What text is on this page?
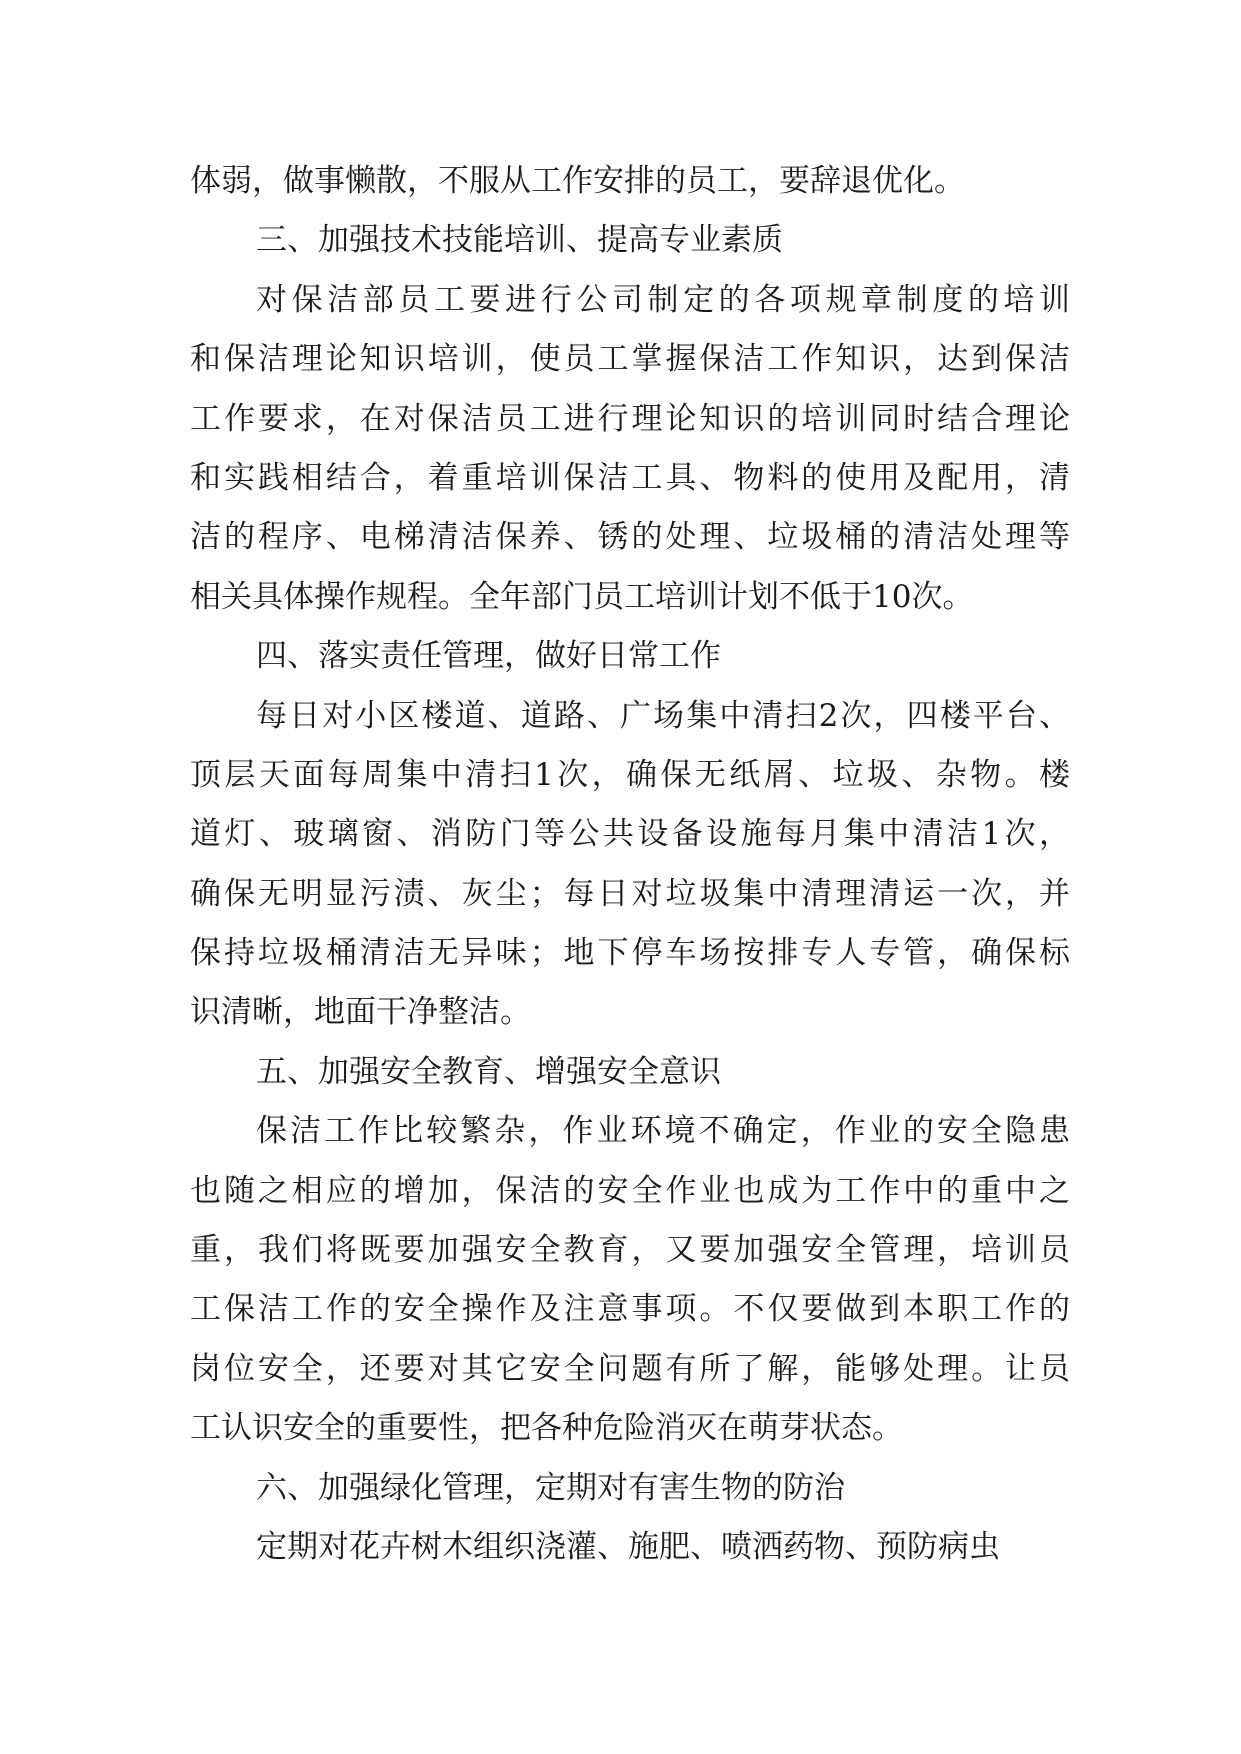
体弱，做事懒散，不服从工作安排的员工，要辞退优化。
三、加强技术技能培训、提高专业素质
对保洁部员工要进行公司制定的各项规章制度的培训
和保洁理论知识培训，使员工掌握保洁工作知识，达到保洁
工作要求，在对保洁员工进行理论知识的培训同时结合理论
和实践相结合，着重培训保洁工具、物料的使用及配用，清
洁的程序、电梯清洁保养、锈的处理、垃圾桶的清洁处理等
相关具体操作规程。全年部门员工培训计划不低于10次。
四、落实责任管理，做好日常工作
每日对小区楼道、道路、广场集中清扫2次，四楼平台、
顶层天面每周集中清扫1次，确保无纸屑、垃圾、杂物。楼
道灯、玻璃窗、消防门等公共设备设施每月集中清洁1次，
确保无明显污渍、灰尘；每日对垃圾集中清理清运一次，并
保持垃圾桶清洁无异味；地下停车场按排专人专管，确保标
识清晰，地面干净整洁。
五、加强安全教育、增强安全意识
保洁工作比较繁杂，作业环境不确定，作业的安全隐患
也随之相应的增加，保洁的安全作业也成为工作中的重中之
重，我们将既要加强安全教育，又要加强安全管理，培训员
工保洁工作的安全操作及注意事项。不仅要做到本职工作的
岗位安全，还要对其它安全问题有所了解，能够处理。让员
工认识安全的重要性，把各种危险消灭在萌芽状态。
六、加强绿化管理，定期对有害生物的防治
定期对花卉树木组织浇灌、施肥、喷洒药物、预防病虫
